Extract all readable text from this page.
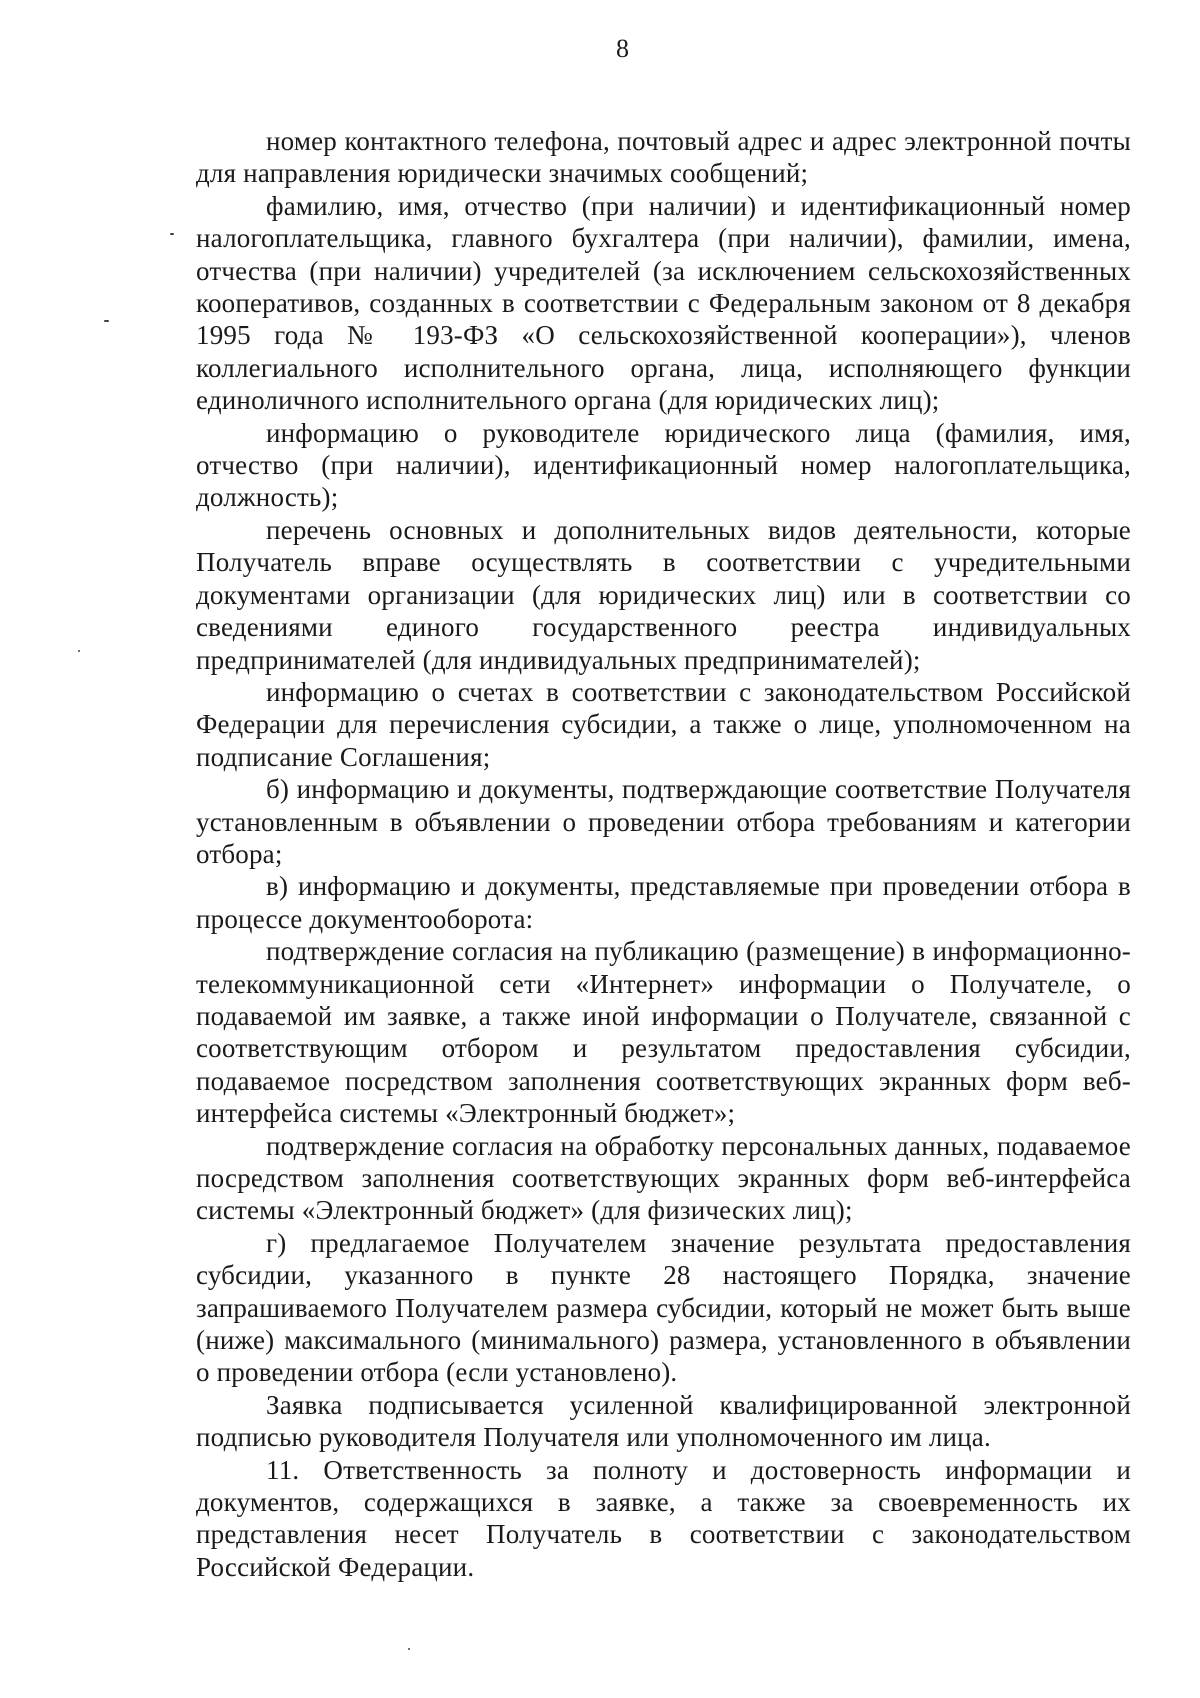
8

номер контактного телефона, почтовый адрес и адрес электронной почты для направления юридически значимых сообщений;

фамилию, имя, отчество (при наличии) и идентификационный номер налогоплательщика, главного бухгалтера (при наличии), фамилии, имена, отчества (при наличии) учредителей (за исключением сельскохозяйственных кооперативов, созданных в соответствии с Федеральным законом от 8 декабря 1995 года № 193-ФЗ «О сельскохозяйственной кооперации»), членов коллегиального исполнительного органа, лица, исполняющего функции единоличного исполнительного органа (для юридических лиц);

информацию о руководителе юридического лица (фамилия, имя, отчество (при наличии), идентификационный номер налогоплательщика, должность);

перечень основных и дополнительных видов деятельности, которые Получатель вправе осуществлять в соответствии с учредительными документами организации (для юридических лиц) или в соответствии со сведениями единого государственного реестра индивидуальных предпринимателей (для индивидуальных предпринимателей);

информацию о счетах в соответствии с законодательством Российской Федерации для перечисления субсидии, а также о лице, уполномоченном на подписание Соглашения;

б) информацию и документы, подтверждающие соответствие Получателя установленным в объявлении о проведении отбора требованиям и категории отбора;

в) информацию и документы, представляемые при проведении отбора в процессе документооборота:

подтверждение согласия на публикацию (размещение) в информационно-телекоммуникационной сети «Интернет» информации о Получателе, о подаваемой им заявке, а также иной информации о Получателе, связанной с соответствующим отбором и результатом предоставления субсидии, подаваемое посредством заполнения соответствующих экранных форм веб-интерфейса системы «Электронный бюджет»;

подтверждение согласия на обработку персональных данных, подаваемое посредством заполнения соответствующих экранных форм веб-интерфейса системы «Электронный бюджет» (для физических лиц);

г) предлагаемое Получателем значение результата предоставления субсидии, указанного в пункте 28 настоящего Порядка, значение запрашиваемого Получателем размера субсидии, который не может быть выше (ниже) максимального (минимального) размера, установленного в объявлении о проведении отбора (если установлено).

Заявка подписывается усиленной квалифицированной электронной подписью руководителя Получателя или уполномоченного им лица.

11. Ответственность за полноту и достоверность информации и документов, содержащихся в заявке, а также за своевременность их представления несет Получатель в соответствии с законодательством Российской Федерации.
